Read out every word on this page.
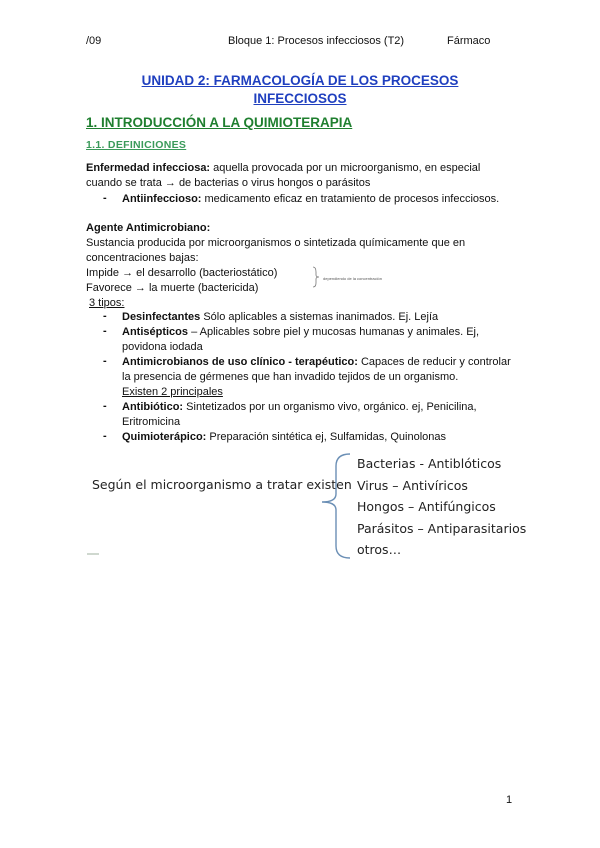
/09	Bloque 1: Procesos infecciosos (T2)	Fármaco
UNIDAD 2: FARMACOLOGÍA DE LOS PROCESOS
INFECCIOSOS
1. INTRODUCCIÓN A LA QUIMIOTERAPIA
1.1. DEFINICIONES
Enfermedad infecciosa: aquella provocada por un microorganismo, en especial
cuando se trata → de bacterias o virus hongos o parásitos
- Antiinfeccioso: medicamento eficaz en tratamiento de procesos infecciosos.
Agente Antimicrobiano:
Sustancia producida por microorganismos o sintetizada químicamente que en
concentraciones bajas:
Impide → el desarrollo (bacteriostático)
Favorece → la muerte (bactericida)
dependiendo de la concentración
3 tipos:
- Desinfectantes Sólo aplicables a sistemas inanimados. Ej. Lejía
- Antisépticos – Aplicables sobre piel y mucosas humanas y animales. Ej,
povidona iodada
- Antimicrobianos de uso clínico - terapéutico: Capaces de reducir y controlar
la presencia de gérmenes que han invadido tejidos de un organismo.
Existen 2 principales
- Antibiótico: Sintetizados por un organismo vivo, orgánico. ej, Penicilina,
Eritromicina
- Quimioterápico: Preparación sintética ej, Sulfamidas, Quinolonas
Según el microorganismo a tratar existen
Bacterias - Antiblóticos
Virus – Antivíricos
Hongos – Antifúngicos
Parásitos – Antiparasitarios
otros…
1
